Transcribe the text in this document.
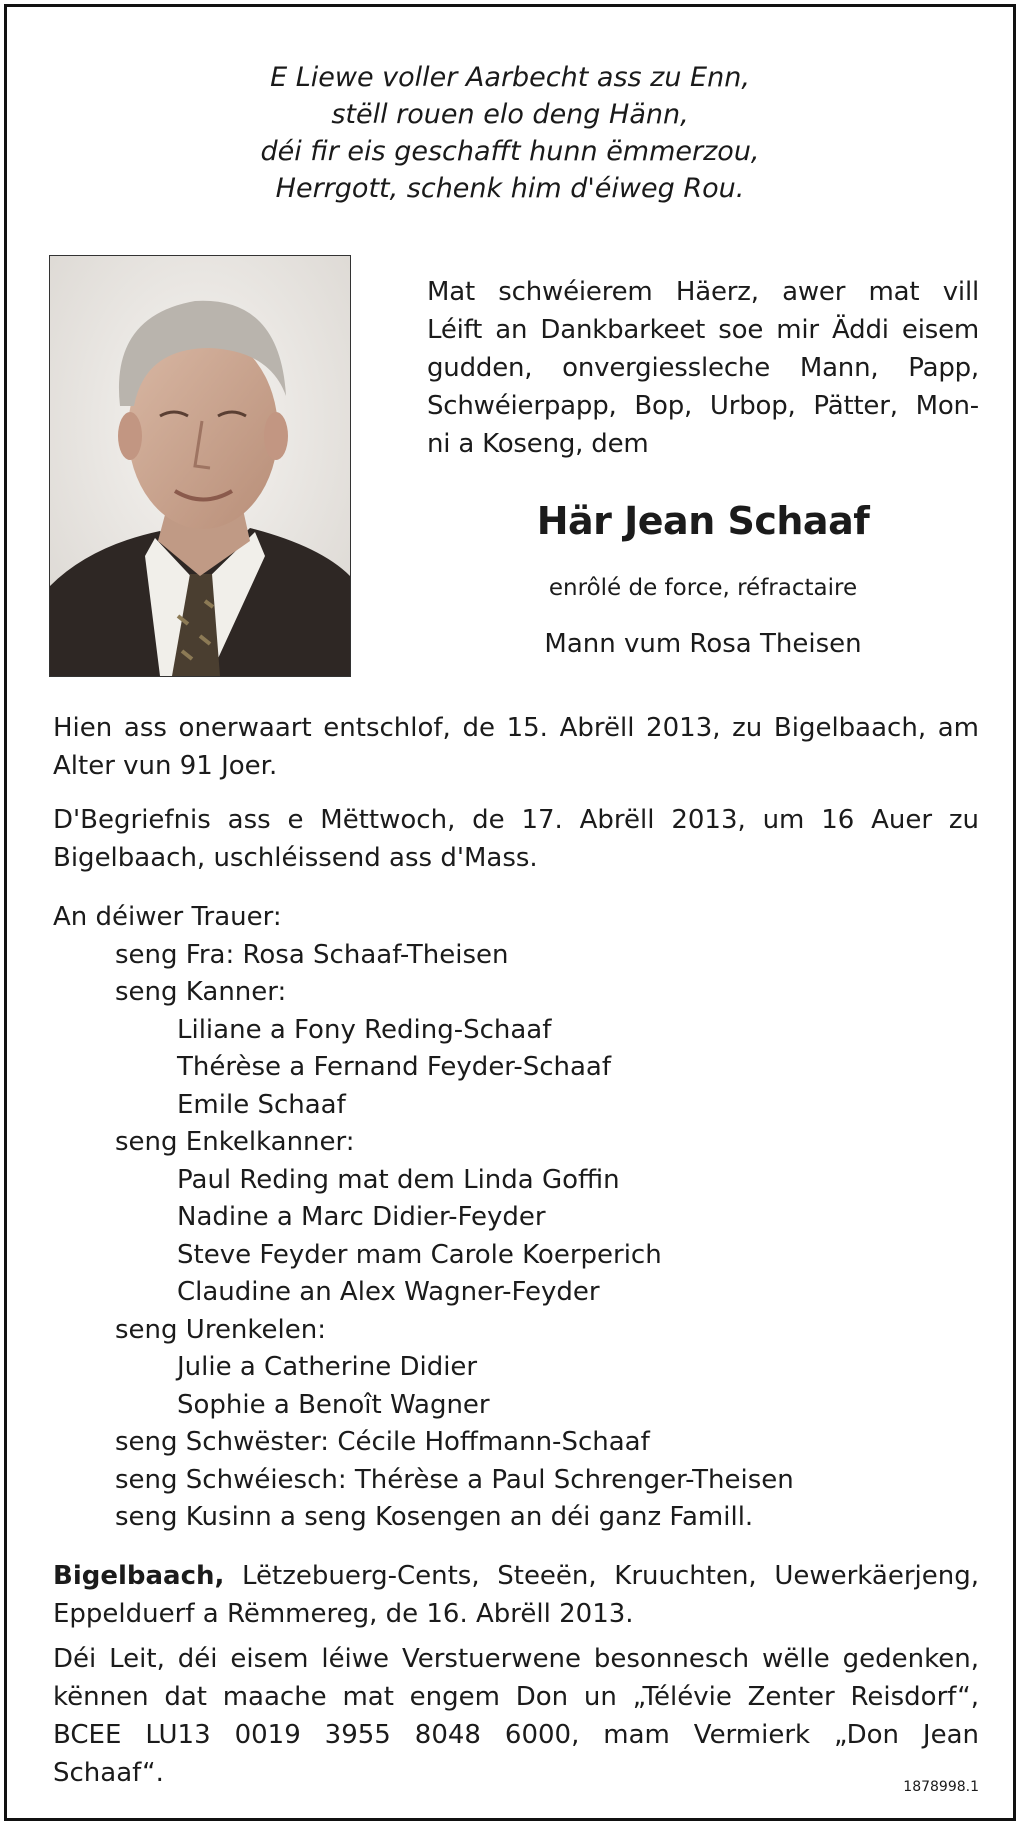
E Liewe voller Aarbecht ass zu Enn,
stëll rouen elo deng Hänn,
déi fir eis geschafft hunn ëmmerzou,
Herrgott, schenk him d'éiweg Rou.
Mat schwéierem Häerz, awer mat vill
Léift an Dankbarkeet soe mir Äddi eisem
gudden, onvergiessleche Mann, Papp,
Schwéierpapp, Bop, Urbop, Pätter, Mon-
ni a Koseng, dem
Här Jean Schaaf
enrôlé de force, réfractaire
Mann vum Rosa Theisen
Hien ass onerwaart entschlof, de 15. Abrëll 2013, zu Bigelbaach, am
Alter vun 91 Joer.
D'Begriefnis ass e Mëttwoch, de 17. Abrëll 2013, um 16 Auer zu
Bigelbaach, uschléissend ass d'Mass.
An déiwer Trauer:
seng Fra: Rosa Schaaf-Theisen
seng Kanner:
Liliane a Fony Reding-Schaaf
Thérèse a Fernand Feyder-Schaaf
Emile Schaaf
seng Enkelkanner:
Paul Reding mat dem Linda Goffin
Nadine a Marc Didier-Feyder
Steve Feyder mam Carole Koerperich
Claudine an Alex Wagner-Feyder
seng Urenkelen:
Julie a Catherine Didier
Sophie a Benoît Wagner
seng Schwëster: Cécile Hoffmann-Schaaf
seng Schwéiesch: Thérèse a Paul Schrenger-Theisen
seng Kusinn a seng Kosengen an déi ganz Famill.
Bigelbaach, Lëtzebuerg-Cents, Steeën, Kruuchten, Uewerkäerjeng,
Eppelduerf a Rëmmereg, de 16. Abrëll 2013.
Déi Leit, déi eisem léiwe Verstuerwene besonnesch wëlle gedenken,
kënnen dat maache mat engem Don un „Télévie Zenter Reisdorf“,
BCEE LU13 0019 3955 8048 6000, mam Vermierk „Don Jean
Schaaf“.	1878998.1
